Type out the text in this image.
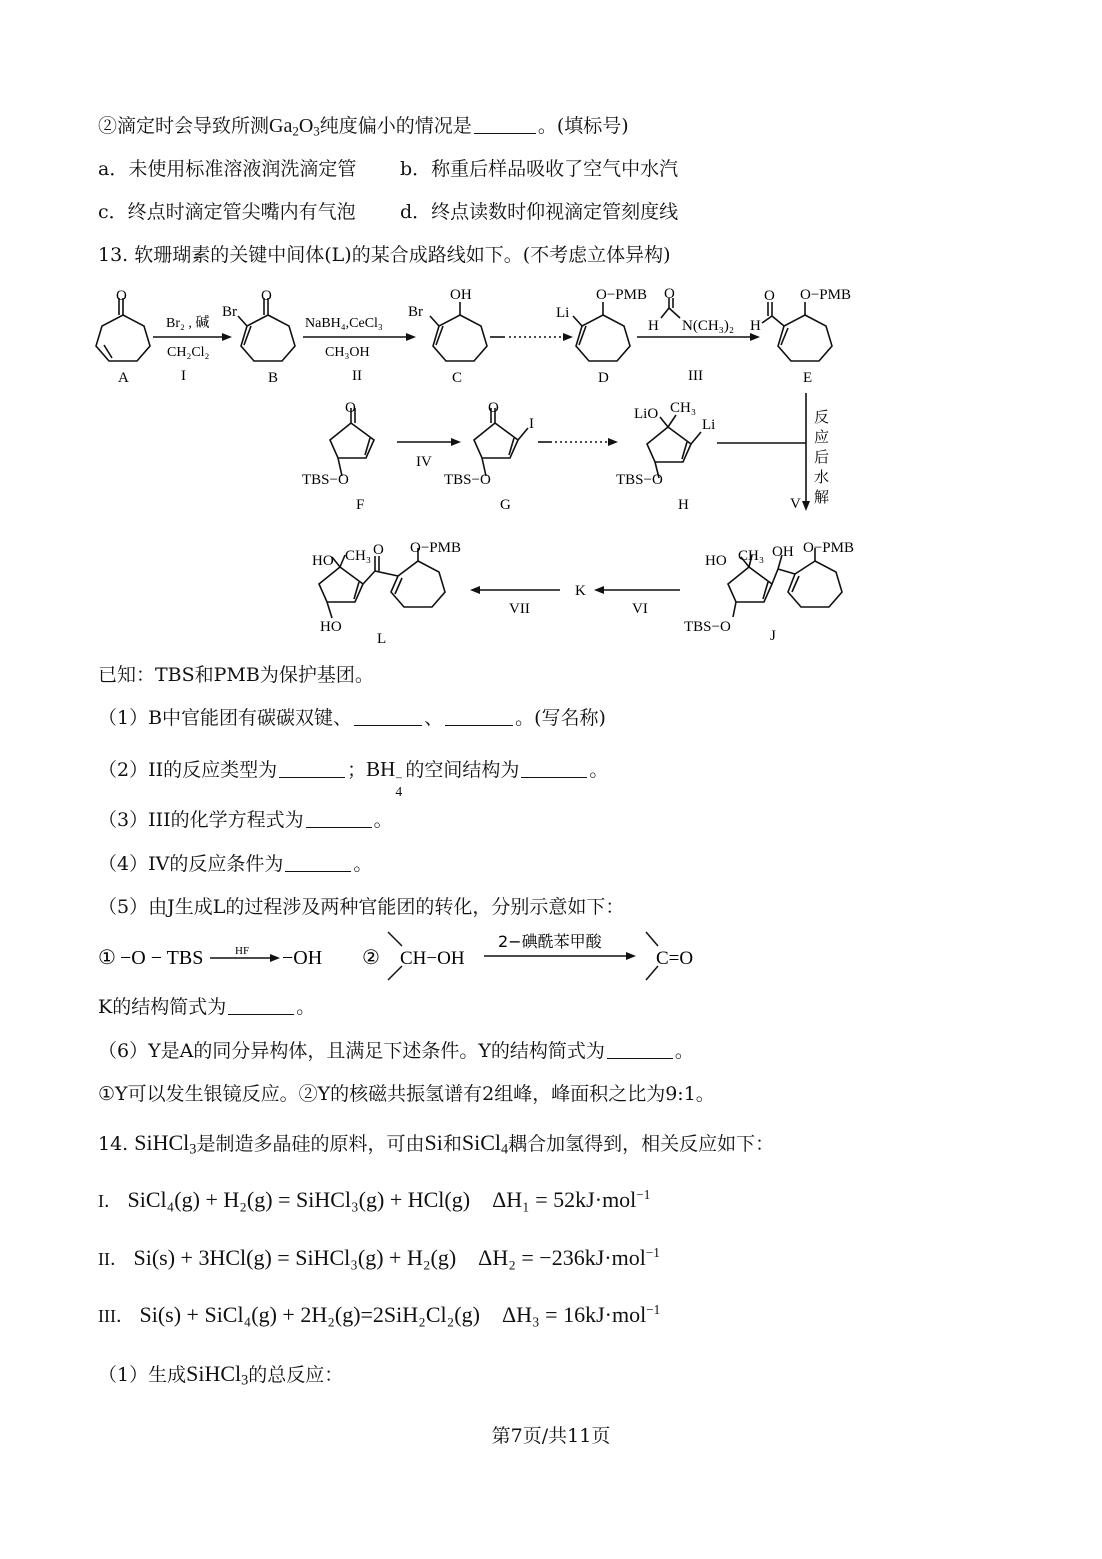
②滴定时会导致所测$Ga_2O_3$纯度偏小的情况是	。(填标号)
a．未使用标准溶液润洗滴定管 b．称重后样品吸收了空气中水汽
c．终点时滴定管尖嘴内有气泡 d．终点读数时仰视滴定管刻度线
13. 软珊瑚素的关键中间体(L)的某合成路线如下。(不考虑立体异构)
O
A
Br₂ , 碱
CH₂Cl₂
I
Br
O
B
NaBH₄,CeCl₃
CH₃OH
II
Br
OH
C
Li
O−PMB
D
O
H N(CH₃)₂
III
O
H
O−PMB
E
反
应
后
水
解
V
O
TBS−O
F
IV
O
I
TBS−O
G
LiO CH₃
Li
TBS−O
H
HO CH₃ OH O−PMB
TBS−O
J
K
VI
VII
HO CH₃ O O−PMB
HO
L
已知：TBS和PMB为保护基团。
（1）B中官能团有碳碳双键、	、	。(写名称)
（2）II的反应类型为	；BH −
4
的空间结构为	。
（3）III的化学方程式为	。
（4）IV的反应条件为	。
（5）由J生成L的过程涉及两种官能团的转化，分别示意如下：
① −O − TBS	HF −OH ② CH−OH
2−碘酰苯甲酸
C=O
K的结构简式为	。
（6）Y是A的同分异构体，且满足下述条件。Y的结构简式为	。
①Y可以发生银镜反应。②Y的核磁共振氢谱有2组峰，峰面积之比为9:1。
14. SiHCl$_3$是制造多晶硅的原料，可由Si和SiCl$_4$耦合加氢得到，相关反应如下：
I． SiCl₄(g) + H₂(g) = SiHCl₃(g) + HCl(g) ΔH₁ = 52kJ·mol$^{-1}$
II． Si(s) + 3HCl(g) = SiHCl₃(g) + H₂(g) ΔH₂ = −236kJ·mol$^{-1}$
III． Si(s) + SiCl₄(g) + 2H₂(g)=2SiH₂Cl₂(g) ΔH₃ = 16kJ·mol$^{-1}$
（1）生成SiHCl$_3$的总反应：
第7页/共11页
